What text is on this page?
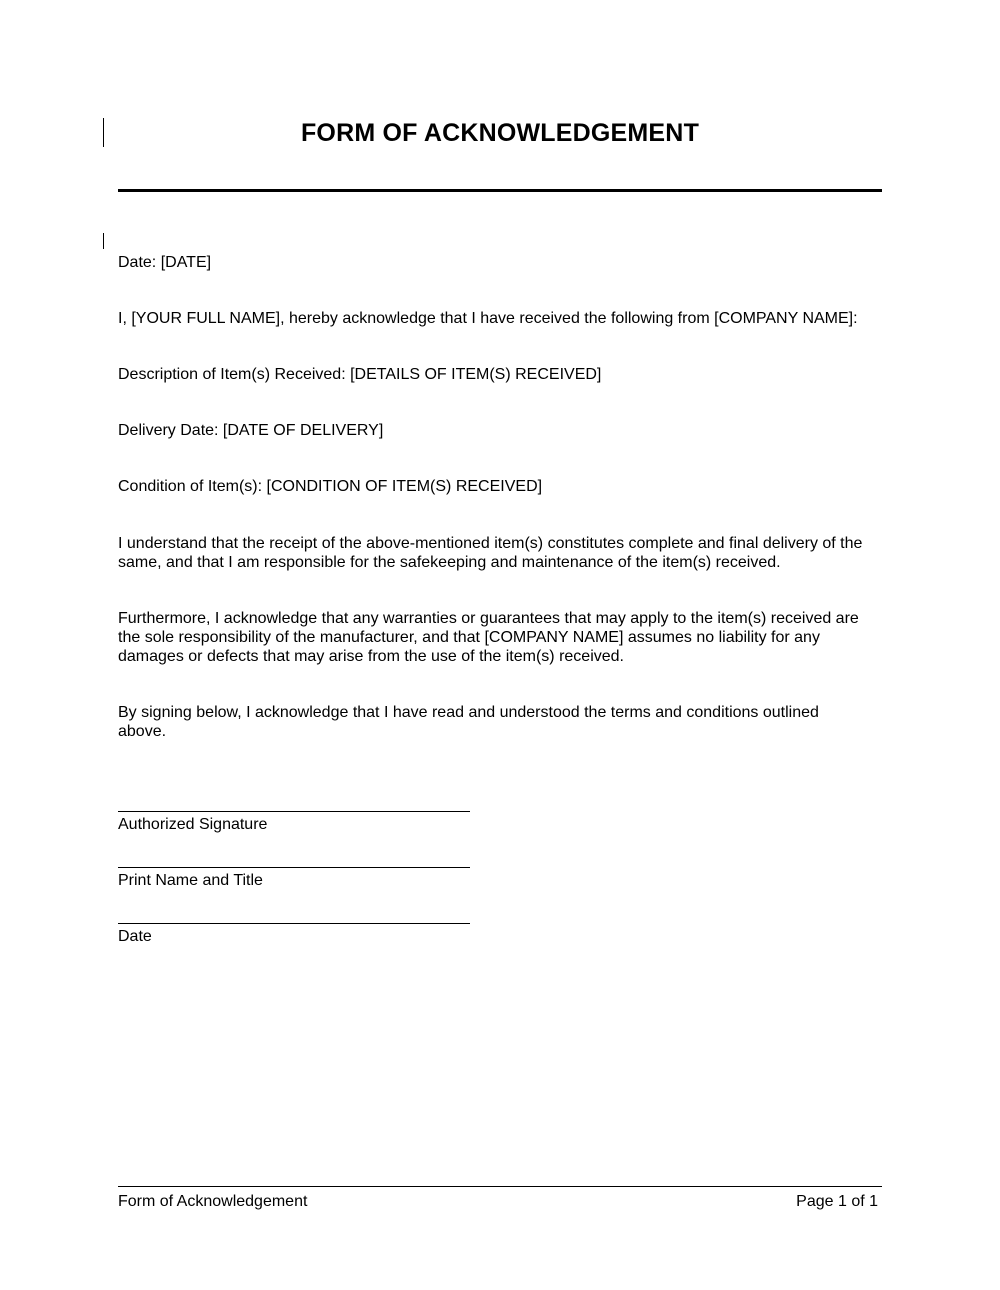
FORM OF ACKNOWLEDGEMENT
Date: [DATE]
I, [YOUR FULL NAME], hereby acknowledge that I have received the following from [COMPANY NAME]:
Description of Item(s) Received: [DETAILS OF ITEM(S) RECEIVED]
Delivery Date: [DATE OF DELIVERY]
Condition of Item(s): [CONDITION OF ITEM(S) RECEIVED]
I understand that the receipt of the above-mentioned item(s) constitutes complete and final delivery of the same, and that I am responsible for the safekeeping and maintenance of the item(s) received.
Furthermore, I acknowledge that any warranties or guarantees that may apply to the item(s) received are the sole responsibility of the manufacturer, and that [COMPANY NAME] assumes no liability for any damages or defects that may arise from the use of the item(s) received.
By signing below, I acknowledge that I have read and understood the terms and conditions outlined above.
Authorized Signature
Print Name and Title
Date
Form of Acknowledgement	Page 1 of 1
